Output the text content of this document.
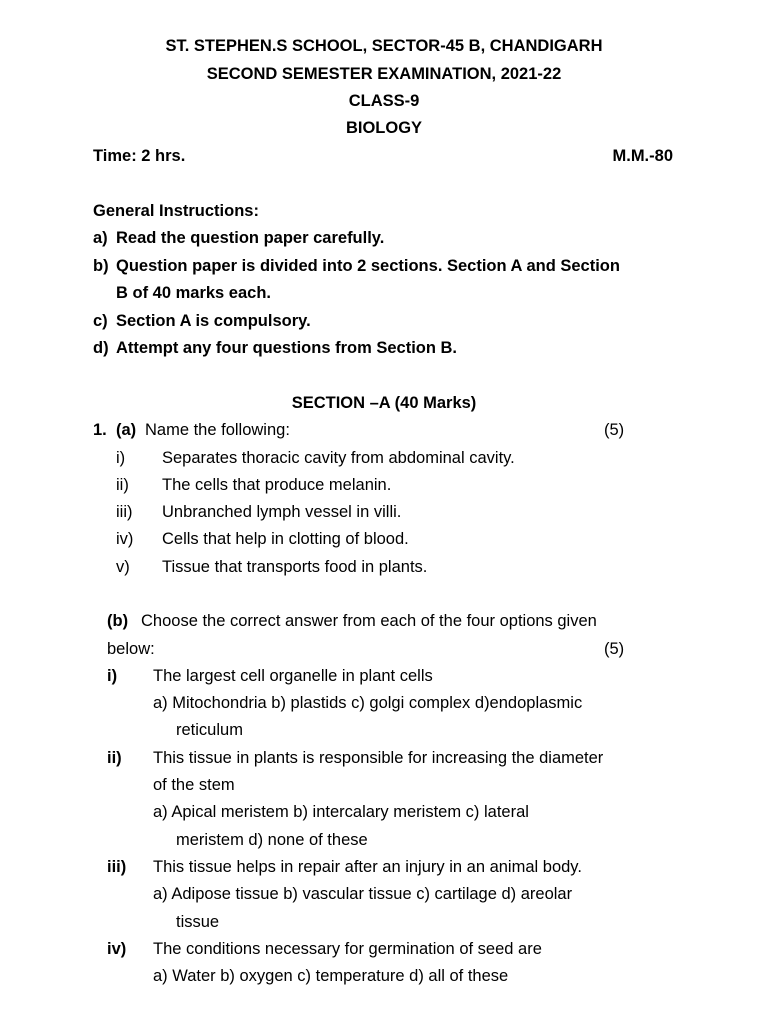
ST. STEPHEN.S SCHOOL, SECTOR-45 B, CHANDIGARH
SECOND SEMESTER EXAMINATION, 2021-22
CLASS-9
BIOLOGY
Time: 2 hrs.	M.M.-80
General Instructions:
a) Read the question paper carefully.
b) Question paper is divided into 2 sections. Section A and Section
B of 40 marks each.
c) Section A is compulsory.
d) Attempt any four questions from Section B.
SECTION –A (40 Marks)
1. (a) Name the following:	(5)
i) Separates thoracic cavity from abdominal cavity.
ii) The cells that produce melanin.
iii) Unbranched lymph vessel in villi.
iv) Cells that help in clotting of blood.
v) Tissue that transports food in plants.
(b) Choose the correct answer from each of the four options given
below:	(5)
i) The largest cell organelle in plant cells
a) Mitochondria b) plastids c) golgi complex d)endoplasmic
reticulum
ii) This tissue in plants is responsible for increasing the diameter
of the stem
a) Apical meristem b) intercalary meristem c) lateral
meristem d) none of these
iii) This tissue helps in repair after an injury in an animal body.
a) Adipose tissue b) vascular tissue c) cartilage d) areolar
tissue
iv) The conditions necessary for germination of seed are
a) Water b) oxygen c) temperature d) all of these
